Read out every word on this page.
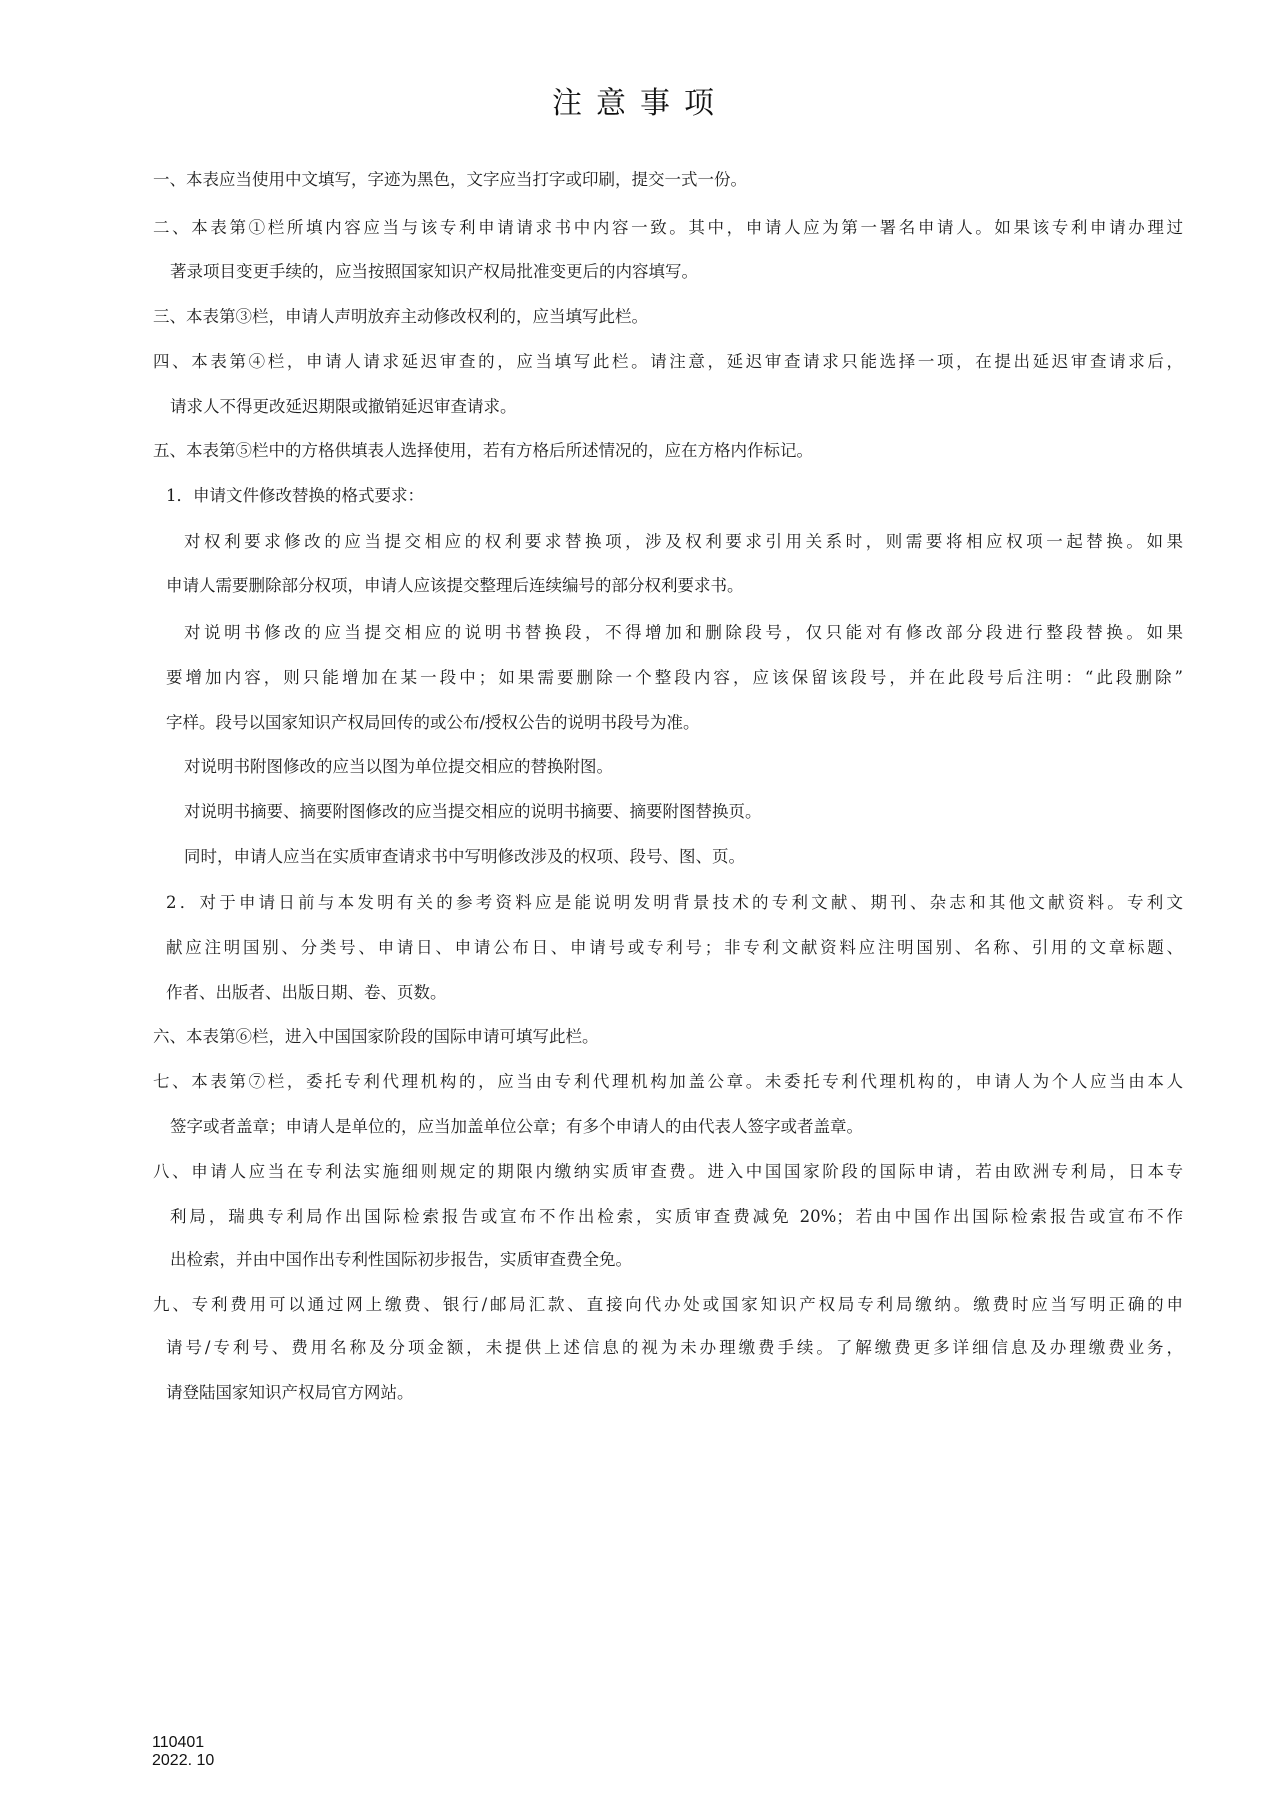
注意事项
一、本表应当使用中文填写，字迹为黑色，文字应当打字或印刷，提交一式一份。
二、本表第①栏所填内容应当与该专利申请请求书中内容一致。其中，申请人应为第一署名申请人。如果该专利申请办理过
著录项目变更手续的，应当按照国家知识产权局批准变更后的内容填写。
三、本表第③栏，申请人声明放弃主动修改权利的，应当填写此栏。
四、本表第④栏，申请人请求延迟审查的，应当填写此栏。请注意，延迟审查请求只能选择一项，在提出延迟审查请求后，
请求人不得更改延迟期限或撤销延迟审查请求。
五、本表第⑤栏中的方格供填表人选择使用，若有方格后所述情况的，应在方格内作标记。
1．申请文件修改替换的格式要求：
对权利要求修改的应当提交相应的权利要求替换项，涉及权利要求引用关系时，则需要将相应权项一起替换。如果
申请人需要删除部分权项，申请人应该提交整理后连续编号的部分权利要求书。
对说明书修改的应当提交相应的说明书替换段，不得增加和删除段号，仅只能对有修改部分段进行整段替换。如果
要增加内容，则只能增加在某一段中；如果需要删除一个整段内容，应该保留该段号，并在此段号后注明：“此段删除”
字样。段号以国家知识产权局回传的或公布/授权公告的说明书段号为准。
对说明书附图修改的应当以图为单位提交相应的替换附图。
对说明书摘要、摘要附图修改的应当提交相应的说明书摘要、摘要附图替换页。
同时，申请人应当在实质审查请求书中写明修改涉及的权项、段号、图、页。
2．对于申请日前与本发明有关的参考资料应是能说明发明背景技术的专利文献、期刊、杂志和其他文献资料。专利文
献应注明国别、分类号、申请日、申请公布日、申请号或专利号；非专利文献资料应注明国别、名称、引用的文章标题、
作者、出版者、出版日期、卷、页数。
六、本表第⑥栏，进入中国国家阶段的国际申请可填写此栏。
七、本表第⑦栏，委托专利代理机构的，应当由专利代理机构加盖公章。未委托专利代理机构的，申请人为个人应当由本人
签字或者盖章；申请人是单位的，应当加盖单位公章；有多个申请人的由代表人签字或者盖章。
八、申请人应当在专利法实施细则规定的期限内缴纳实质审查费。进入中国国家阶段的国际申请，若由欧洲专利局，日本专
利局，瑞典专利局作出国际检索报告或宣布不作出检索，实质审查费减免 20%；若由中国作出国际检索报告或宣布不作
出检索，并由中国作出专利性国际初步报告，实质审查费全免。
九、专利费用可以通过网上缴费、银行/邮局汇款、直接向代办处或国家知识产权局专利局缴纳。缴费时应当写明正确的申
请号/专利号、费用名称及分项金额，未提供上述信息的视为未办理缴费手续。了解缴费更多详细信息及办理缴费业务，
请登陆国家知识产权局官方网站。
110401
2022. 10
